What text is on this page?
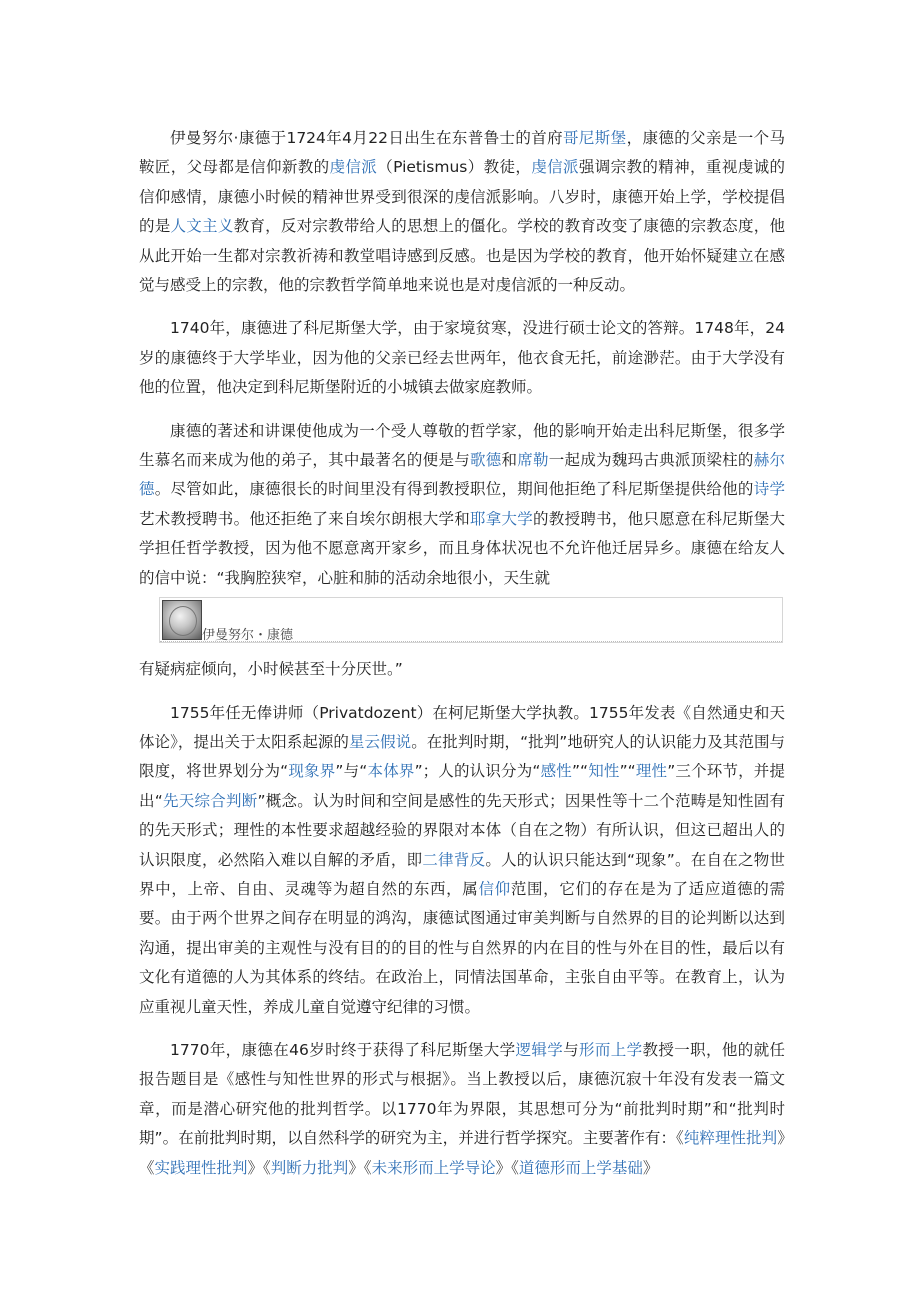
伊曼努尔·康德于1724年4月22日出生在东普鲁士的首府哥尼斯堡，康德的父亲是一个马鞍匠，父母都是信仰新教的虔信派（Pietismus）教徒，虔信派强调宗教的精神，重视虔诚的信仰感情，康德小时候的精神世界受到很深的虔信派影响。八岁时，康德开始上学，学校提倡的是人文主义教育，反对宗教带给人的思想上的僵化。学校的教育改变了康德的宗教态度，他从此开始一生都对宗教祈祷和教堂唱诗感到反感。也是因为学校的教育，他开始怀疑建立在感觉与感受上的宗教，他的宗教哲学简单地来说也是对虔信派的一种反动。

1740年，康德进了科尼斯堡大学，由于家境贫寒，没进行硕士论文的答辩。1748年，24岁的康德终于大学毕业，因为他的父亲已经去世两年，他衣食无托，前途渺茫。由于大学没有他的位置，他决定到科尼斯堡附近的小城镇去做家庭教师。

康德的著述和讲课使他成为一个受人尊敬的哲学家，他的影响开始走出科尼斯堡，很多学生慕名而来成为他的弟子，其中最著名的便是与歌德和席勒一起成为魏玛古典派顶梁柱的赫尔德。尽管如此，康德很长的时间里没有得到教授职位，期间他拒绝了科尼斯堡提供给他的诗学艺术教授聘书。他还拒绝了来自埃尔朗根大学和耶拿大学的教授聘书，他只愿意在科尼斯堡大学担任哲学教授，因为他不愿意离开家乡，而且身体状况也不允许他迁居异乡。康德在给友人的信中说：“我胸腔狭窄，心脏和肺的活动余地很小，天生就

伊曼努尔・康德

有疑病症倾向，小时候甚至十分厌世。”

1755年任无俸讲师（Privatdozent）在柯尼斯堡大学执教。1755年发表《自然通史和天体论》，提出关于太阳系起源的星云假说。在批判时期，“批判”地研究人的认识能力及其范围与限度，将世界划分为“现象界”与“本体界”；人的认识分为“感性”“知性”“理性”三个环节，并提出“先天综合判断”概念。认为时间和空间是感性的先天形式；因果性等十二个范畴是知性固有的先天形式；理性的本性要求超越经验的界限对本体（自在之物）有所认识，但这已超出人的认识限度，必然陷入难以自解的矛盾，即二律背反。人的认识只能达到“现象”。在自在之物世界中，上帝、自由、灵魂等为超自然的东西，属信仰范围，它们的存在是为了适应道德的需要。由于两个世界之间存在明显的鸿沟，康德试图通过审美判断与自然界的目的论判断以达到沟通，提出审美的主观性与没有目的的目的性与自然界的内在目的性与外在目的性，最后以有文化有道德的人为其体系的终结。在政治上，同情法国革命，主张自由平等。在教育上，认为应重视儿童天性，养成儿童自觉遵守纪律的习惯。

1770年，康德在46岁时终于获得了科尼斯堡大学逻辑学与形而上学教授一职，他的就任报告题目是《感性与知性世界的形式与根据》。当上教授以后，康德沉寂十年没有发表一篇文章，而是潜心研究他的批判哲学。以1770年为界限，其思想可分为“前批判时期”和“批判时期”。在前批判时期，以自然科学的研究为主，并进行哲学探究。主要著作有：《纯粹理性批判》《实践理性批判》《判断力批判》《未来形而上学导论》《道德形而上学基础》
